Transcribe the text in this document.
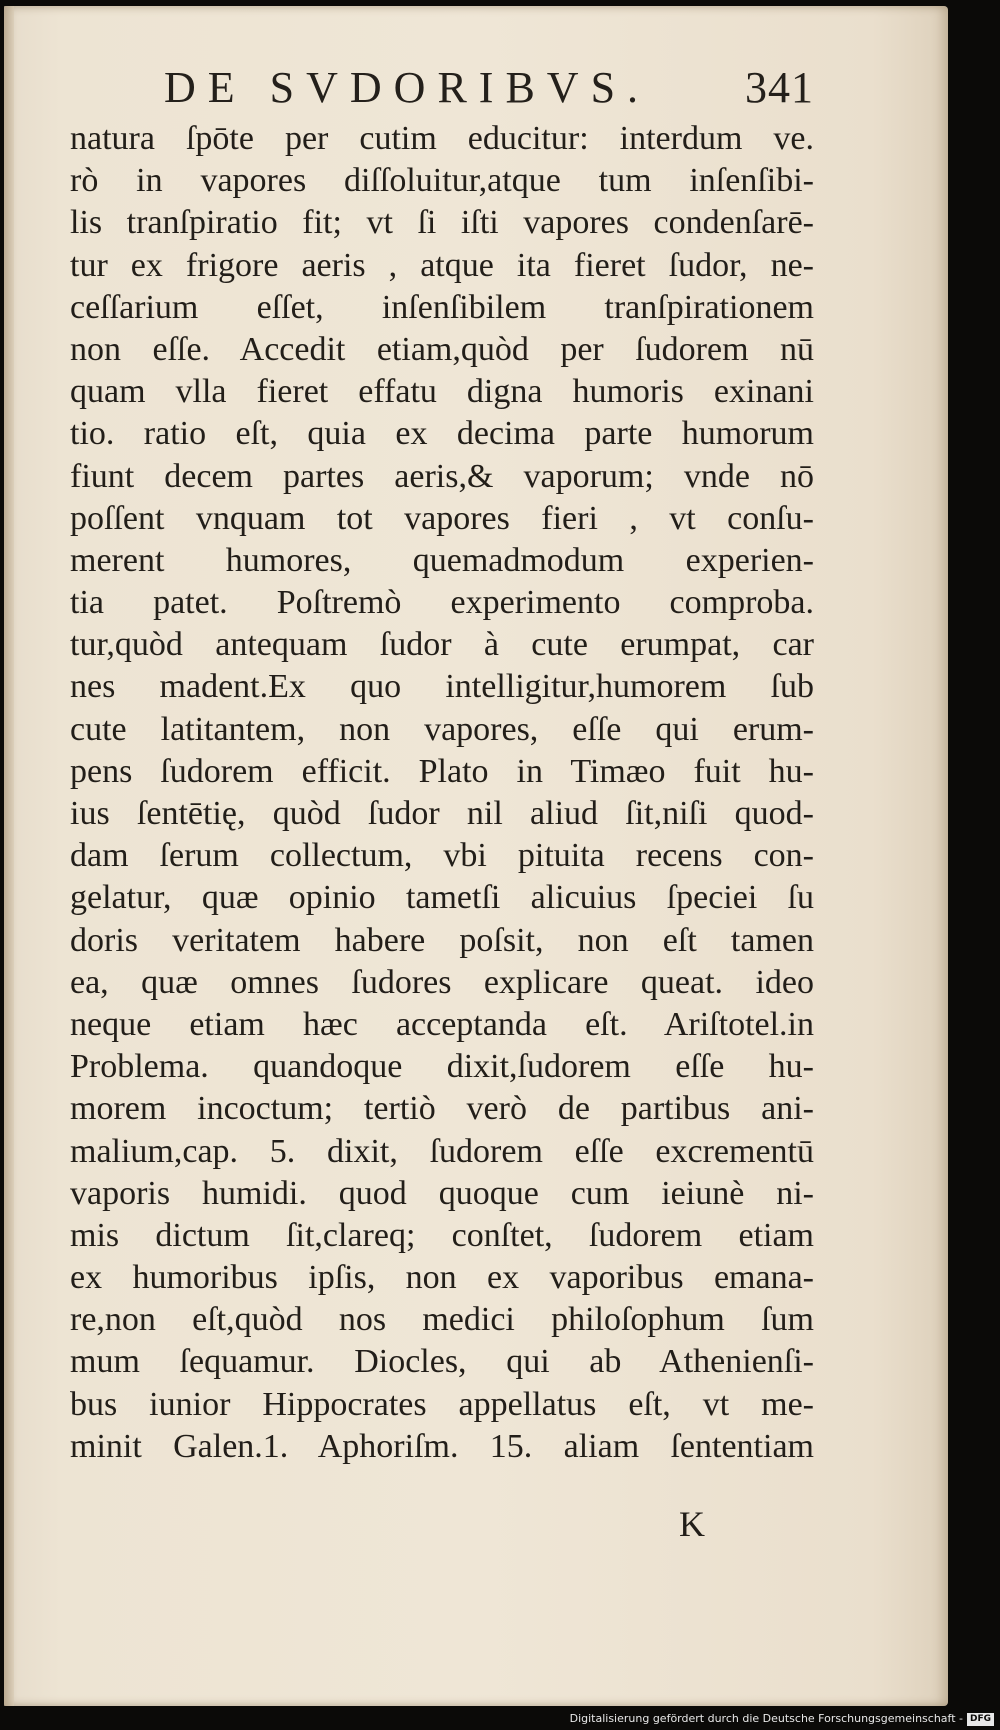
DE SVDORIBVS. 341
natura ſpōte per cutim educitur: interdum ve.
rò in vapores diſſoluitur,atque tum inſenſibi-
lis tranſpiratio fit; vt ſi iſti vapores condenſarē-
tur ex frigore aeris , atque ita fieret ſudor, ne-
ceſſarium eſſet, inſenſibilem tranſpirationem
non eſſe. Accedit etiam,quòd per ſudorem nū
quam vlla fieret effatu digna humoris exinani
tio. ratio eſt, quia ex decima parte humorum
fiunt decem partes aeris,& vaporum; vnde nō
poſſent vnquam tot vapores fieri , vt conſu-
merent humores, quemadmodum experien-
tia patet. Poſtremò experimento comproba.
tur,quòd antequam ſudor à cute erumpat, car
nes madent.Ex quo intelligitur,humorem ſub
cute latitantem, non vapores, eſſe qui erum-
pens ſudorem efficit. Plato in Timæo fuit hu-
ius ſentētię, quòd ſudor nil aliud ſit,niſi quod-
dam ſerum collectum, vbi pituita recens con-
gelatur, quæ opinio tametſi alicuius ſpeciei ſu
doris veritatem habere poſsit, non eſt tamen
ea, quæ omnes ſudores explicare queat. ideo
neque etiam hæc acceptanda eſt. Ariſtotel.in
Problema. quandoque dixit,ſudorem eſſe hu-
morem incoctum; tertiò verò de partibus ani-
malium,cap. 5. dixit, ſudorem eſſe excrementū
vaporis humidi. quod quoque cum ieiunè ni-
mis dictum ſit,clareq; conſtet, ſudorem etiam
ex humoribus ipſis, non ex vaporibus emana-
re,non eſt,quòd nos medici philoſophum ſum
mum ſequamur. Diocles, qui ab Athenienſi-
bus iunior Hippocrates appellatus eſt, vt me-
minit Galen.1. Aphoriſm. 15. aliam ſententiam
K
Digitalisierung gefördert durch die Deutsche Forschungsgemeinschaft - DFG
